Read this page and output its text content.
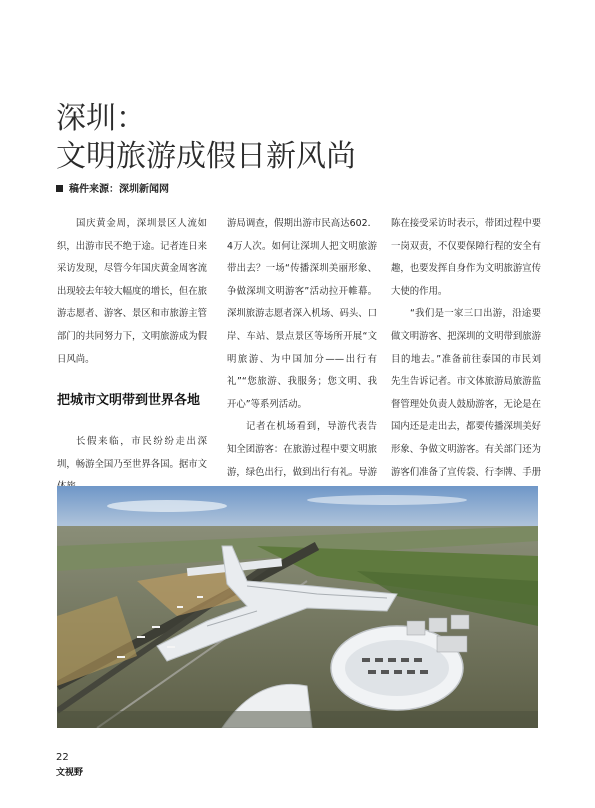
深圳：
文明旅游成假日新风尚
稿件来源：深圳新闻网

国庆黄金周，深圳景区人流如织，出游市民不绝于途。记者连日来采访发现，尽管今年国庆黄金周客流出现较去年较大幅度的增长，但在旅游志愿者、游客、景区和市旅游主管部门的共同努力下，文明旅游成为假日风尚。

把城市文明带到世界各地

长假来临，市民纷纷走出深圳，畅游全国乃至世界各国。据市文

游局调查，假期出游市民高达602．4万人次。如何让深圳人把文明旅游带出去？一场“传播深圳美丽形象、争做深圳文明游客”活动拉开帷幕。深圳旅游志愿者深入机场、码头、口岸、车站、景点景区等场所开展“文明旅游、为中国加分——出行有礼”“您旅游、我服务；您文明、我开心”等系列活动。

记者在机场看到，导游代表告知全团游客：在旅游过程中要文明旅游，绿色出行，做到出行有礼。导游

陈在接受采访时表示，带团过程中要一岗双责，不仅要保障行程的安全有趣，也要发挥自身作为文明旅游宣传大使的作用。

“我们是一家三口出游，沿途要做文明游客、把深圳的文明带到旅游目的地去。”准备前往泰国的市民刘先生告诉记者。市文体旅游局旅游监督管理处负责人鼓励游客，无论是在国内还是走出去，都要传播深圳美好形象、争做文明游客。有关部门还为游客们准备了宣传袋、行李牌、手册

22
文视野
